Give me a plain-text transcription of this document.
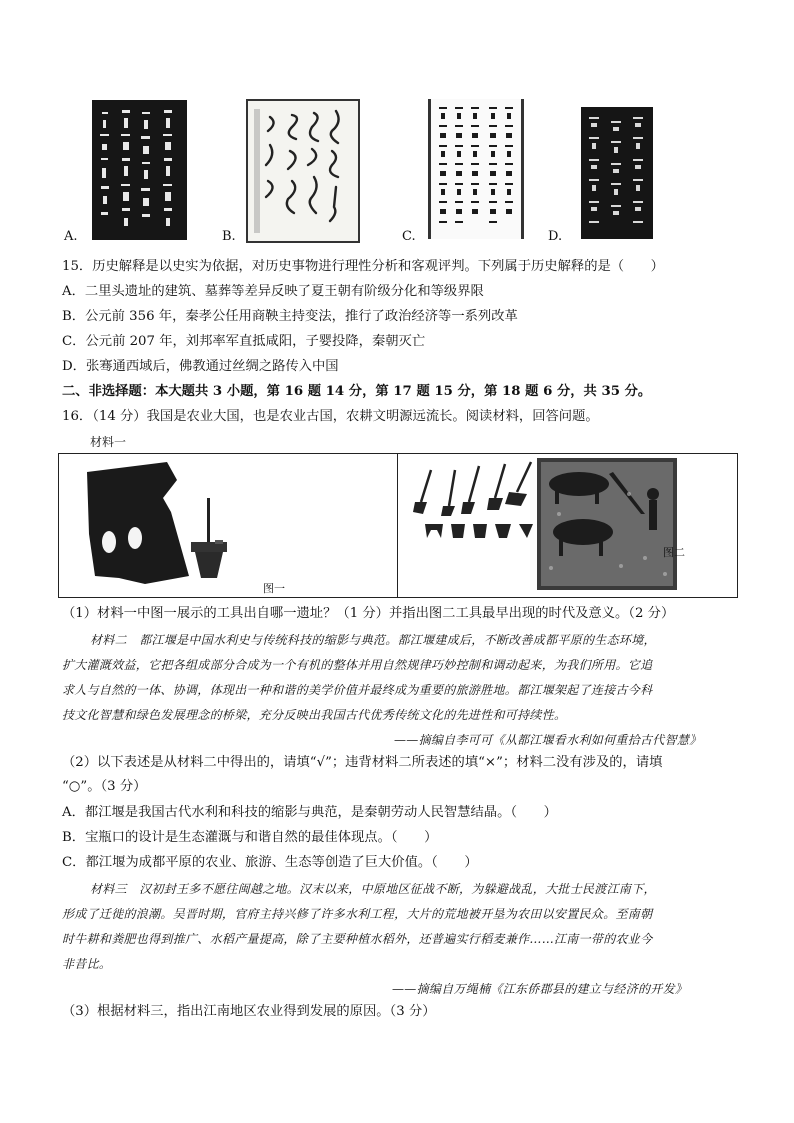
A.	B.	C.	D.
15．历史解释是以史实为依据，对历史事物进行理性分析和客观评判。下列属于历史解释的是（　　）
A．二里头遗址的建筑、墓葬等差异反映了夏王朝有阶级分化和等级界限
B．公元前 356 年，秦孝公任用商鞅主持变法，推行了政治经济等一系列改革
C．公元前 207 年，刘邦率军直抵咸阳，子婴投降，秦朝灭亡
D．张骞通西域后，佛教通过丝绸之路传入中国
二、非选择题：本大题共 3 小题，第 16 题 14 分，第 17 题 15 分，第 18 题 6 分，共 35 分。
16．（14 分）我国是农业大国，也是农业古国，农耕文明源远流长。阅读材料，回答问题。
材料一
图一
图二
（1）材料一中图一展示的工具出自哪一遗址？（1 分）并指出图二工具最早出现的时代及意义。（2 分）
材料二　都江堰是中国水利史与传统科技的缩影与典范。都江堰建成后，不断改善成都平原的生态环境，
扩大灌溉效益，它把各组成部分合成为一个有机的整体并用自然规律巧妙控制和调动起来，为我们所用。它追
求人与自然的一体、协调，体现出一种和谐的美学价值并最终成为重要的旅游胜地。都江堰架起了连接古今科
技文化智慧和绿色发展理念的桥梁，充分反映出我国古代优秀传统文化的先进性和可持续性。
——摘编自李可可《从都江堰看水利如何重拾古代智慧》
（2）以下表述是从材料二中得出的，请填“√”；违背材料二所表述的填“×”；材料二没有涉及的，请填
“○”。（3 分）
A．都江堰是我国古代水利和科技的缩影与典范，是秦朝劳动人民智慧结晶。（　　）
B．宝瓶口的设计是生态灌溉与和谐自然的最佳体现点。（　　）
C．都江堰为成都平原的农业、旅游、生态等创造了巨大价值。（　　）
材料三　汉初封王多不愿往闽越之地。汉末以来，中原地区征战不断，为躲避战乱，大批士民渡江南下，
形成了迁徙的浪潮。吴晋时期，官府主持兴修了许多水利工程，大片的荒地被开垦为农田以安置民众。至南朝
时牛耕和粪肥也得到推广、水稻产量提高，除了主要种植水稻外，还普遍实行稻麦兼作……江南一带的农业今
非昔比。
——摘编自万绳楠《江东侨郡县的建立与经济的开发》
（3）根据材料三，指出江南地区农业得到发展的原因。（3 分）
